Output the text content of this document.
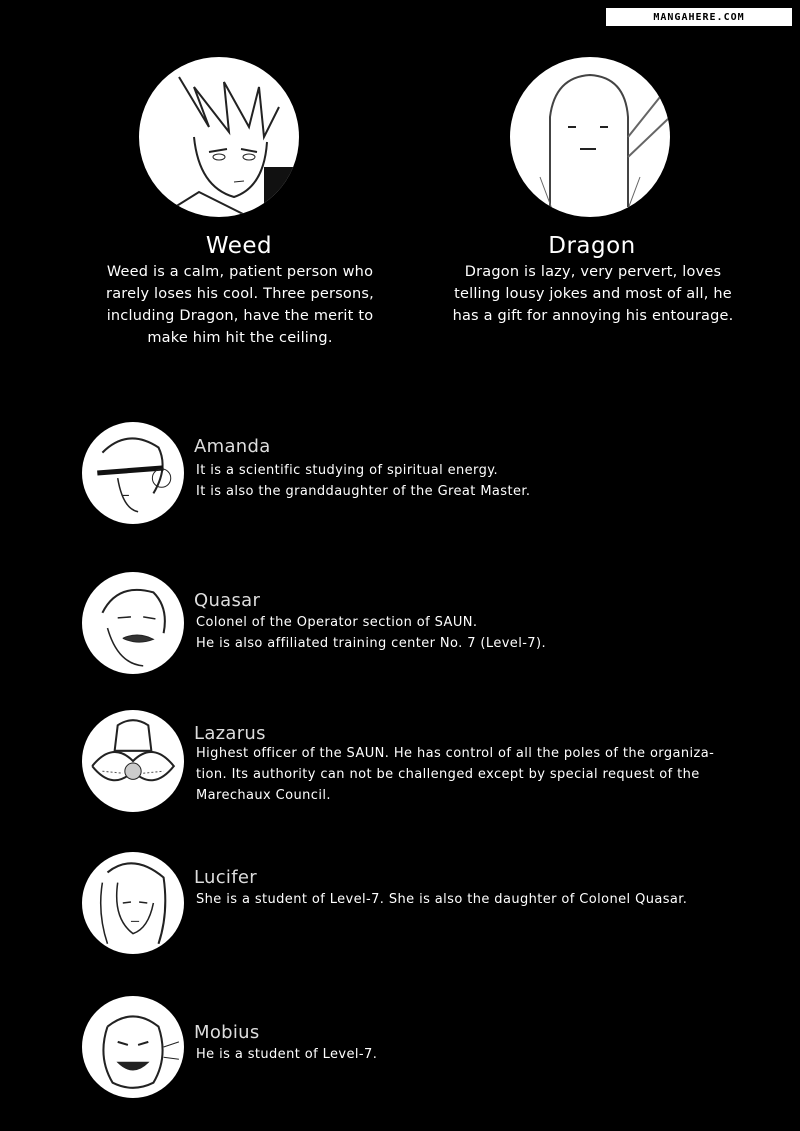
MANGAHERE.COM
Weed
Weed is a calm, patient person who
rarely loses his cool. Three persons,
including Dragon, have the merit to
make him hit the ceiling.
Dragon
Dragon is lazy, very pervert, loves
telling lousy jokes and most of all, he
has a gift for annoying his entourage.
Amanda
It is a scientific studying of spiritual energy.
It is also the granddaughter of the Great Master.
Quasar
Colonel of the Operator section of SAUN.
He is also affiliated training center No. 7 (Level-7).
Lazarus
Highest officer of the SAUN. He has control of all the poles of the organiza-
tion. Its authority can not be challenged except by special request of the
Marechaux Council.
Lucifer
She is a student of Level-7. She is also the daughter of Colonel Quasar.
Mobius
He is a student of Level-7.
